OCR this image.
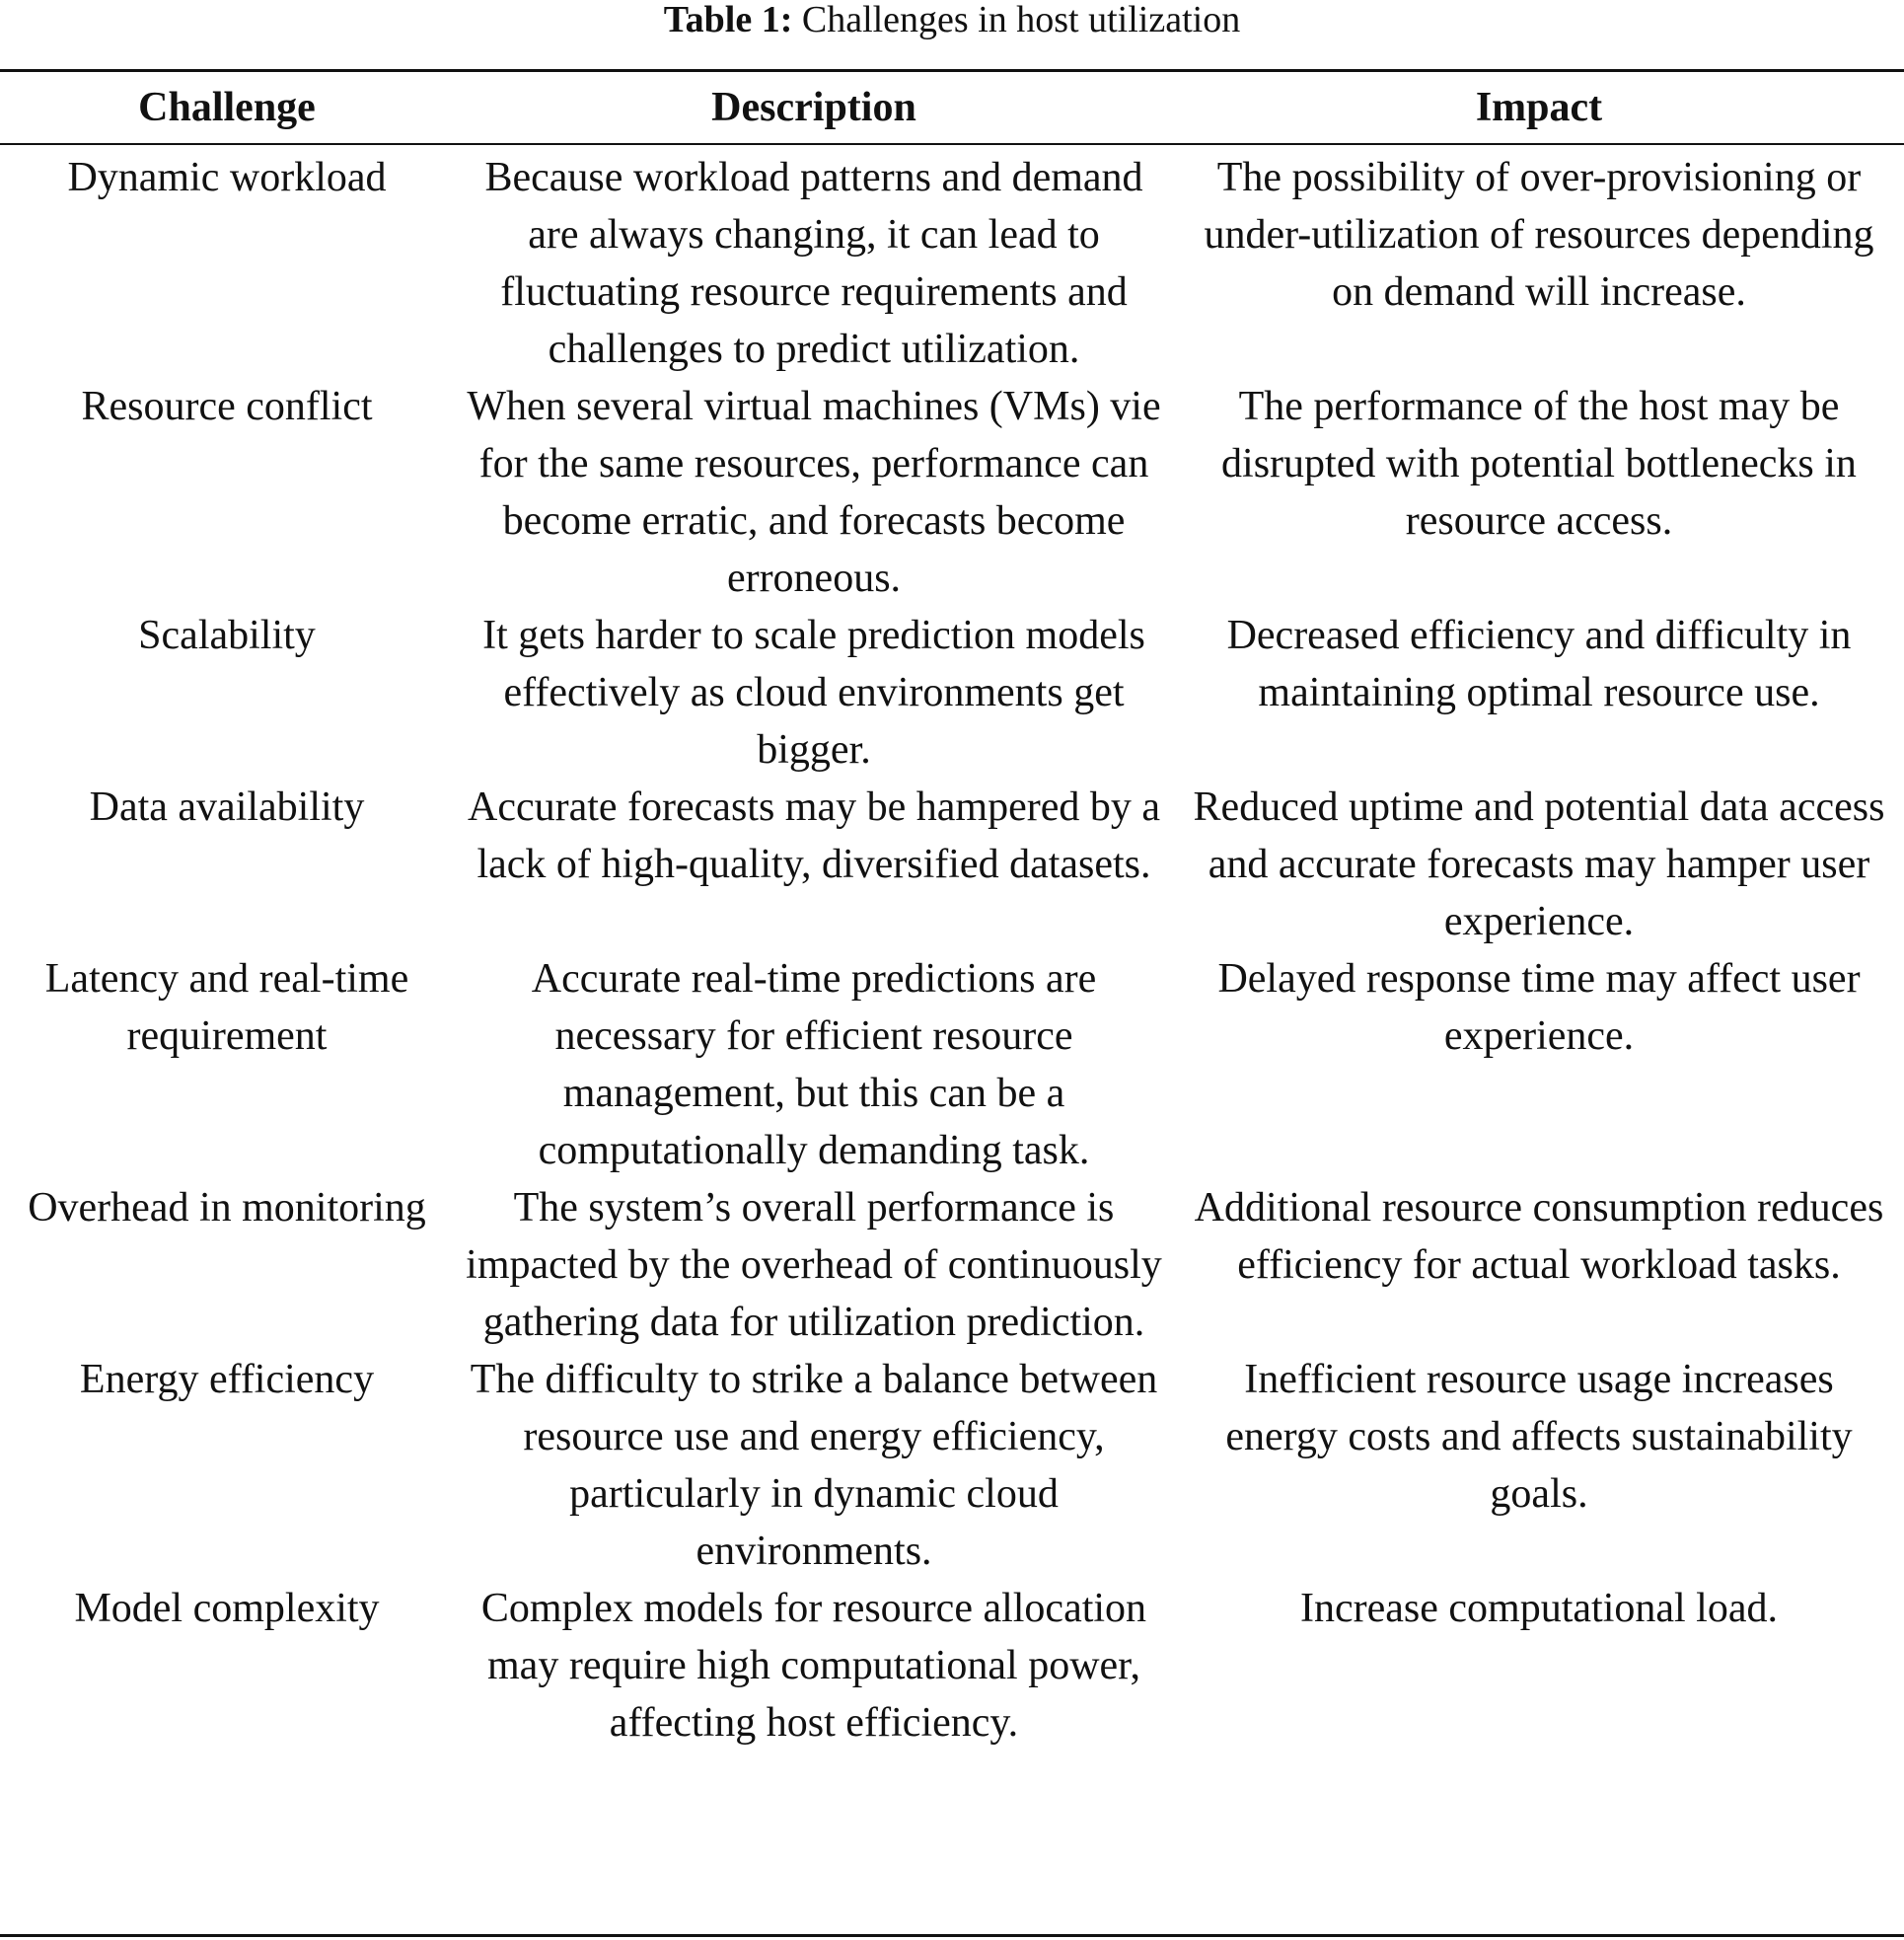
Table 1: Challenges in host utilization
Challenge	Description	Impact
Dynamic workload	Because workload patterns and demand are always changing, it can lead to fluctuating resource requirements and challenges to predict utilization.	The possibility of over-provisioning or under-utilization of resources depending on demand will increase.
Resource conflict	When several virtual machines (VMs) vie for the same resources, performance can become erratic, and forecasts become erroneous.	The performance of the host may be disrupted with potential bottlenecks in resource access.
Scalability	It gets harder to scale prediction models effectively as cloud environments get bigger.	Decreased efficiency and difficulty in maintaining optimal resource use.
Data availability	Accurate forecasts may be hampered by a lack of high-quality, diversified datasets.	Reduced uptime and potential data access and accurate forecasts may hamper user experience.
Latency and real-time requirement	Accurate real-time predictions are necessary for efficient resource management, but this can be a computationally demanding task.	Delayed response time may affect user experience.
Overhead in monitoring	The system’s overall performance is impacted by the overhead of continuously gathering data for utilization prediction.	Additional resource consumption reduces efficiency for actual workload tasks.
Energy efficiency	The difficulty to strike a balance between resource use and energy efficiency, particularly in dynamic cloud environments.	Inefficient resource usage increases energy costs and affects sustainability goals.
Model complexity	Complex models for resource allocation may require high computational power, affecting host efficiency.	Increase computational load.
